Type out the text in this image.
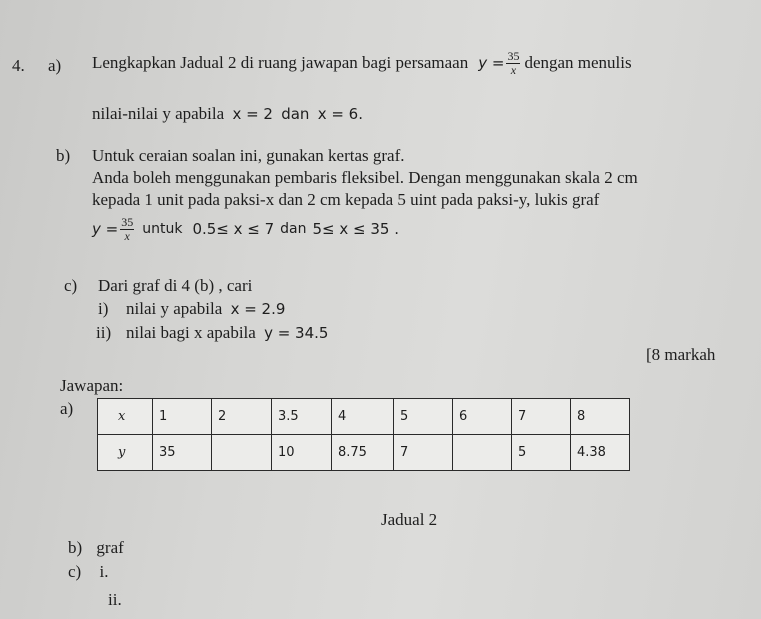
4. a) Lengkapkan Jadual 2 di ruang jawapan bagi persamaan $y = \frac{35}{x}$ dengan menulis
nilai-nilai y apabila x = 2 dan x = 6.
b) Untuk ceraian soalan ini, gunakan kertas graf.
Anda boleh menggunakan pembaris fleksibel. Dengan menggunakan skala 2 cm
kepada 1 unit pada paksi-x dan 2 cm kepada 5 uint pada paksi-y, lukis graf
$y = \frac{35}{x}$ untuk 0.5≤ x ≤ 7 dan 5≤ x ≤ 35 .
c) Dari graf di 4 (b) , cari
i) nilai y apabila x = 2.9
ii) nilai bagi x apabila y = 34.5
[8 markah
Jawapan:
a)	x	1	2	3.5	4	5	6	7	8
y	35		10	8.75	7		5	4.38
Jadual 2
b) graf
c) i.
ii.
